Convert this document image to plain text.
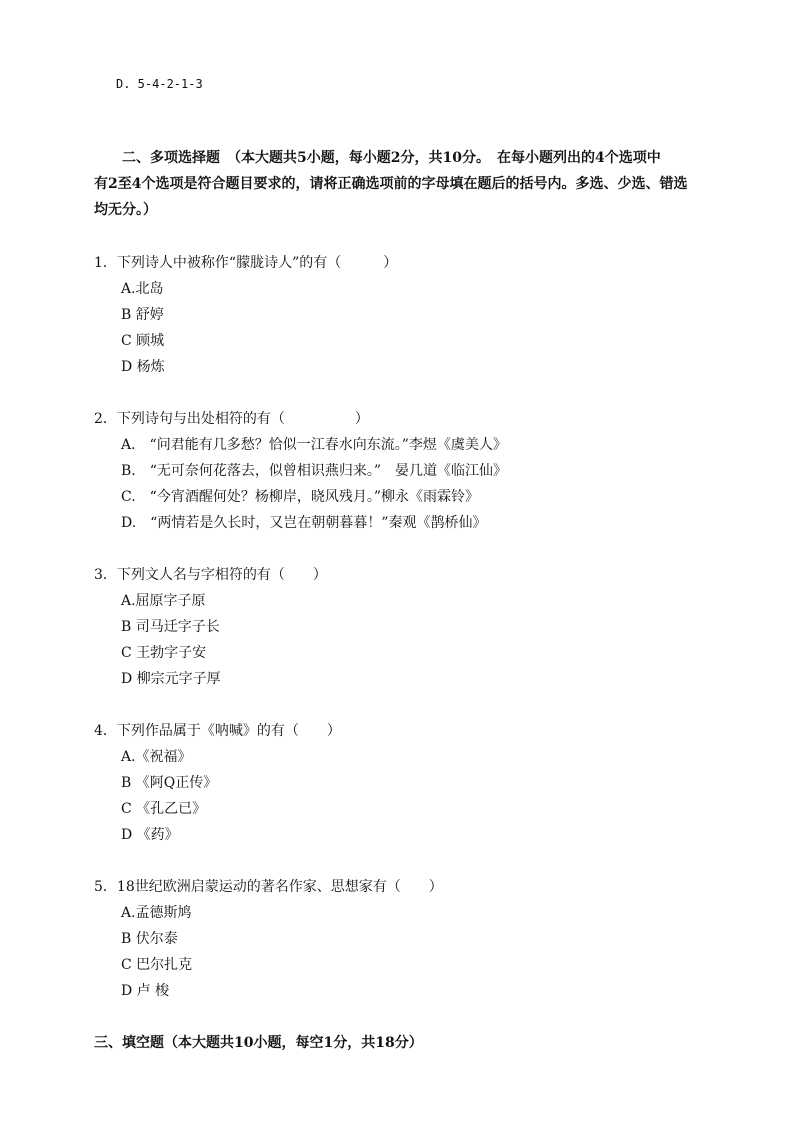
D. 5-4-2-1-3
　　二、多项选择题　（本大题共5小题，每小题2分，共10分。　在每小题列出的4个选项中
有2至4个选项是符合题目要求的，请将正确选项前的字母填在题后的括号内。多选、少选、错选
均无分。）
1．下列诗人中被称作“朦胧诗人”的有（　　　）
A.北岛
B 舒婷
C 顾城
D 杨炼
2．下列诗句与出处相符的有（　　　　　）
A.　“问君能有几多愁？恰似一江春水向东流。”李煜《虞美人》
B.　“无可奈何花落去，似曾相识燕归来。”　晏几道《临江仙》
C.　“今宵酒醒何处？杨柳岸，晓风残月。”柳永《雨霖铃》
D.　“两情若是久长时，又岂在朝朝暮暮！”秦观《鹊桥仙》
3．下列文人名与字相符的有（　　）
A.屈原字子原
B 司马迁字子长
C 王勃字子安
D 柳宗元字子厚
4．下列作品属于《呐喊》的有（　　）
A.《祝福》
B 《阿Q正传》
C 《孔乙已》
D 《药》
5．18世纪欧洲启蒙运动的著名作家、思想家有（　　）
A.孟德斯鸠
B 伏尔泰
C 巴尔扎克
D 卢 梭
三、填空题（本大题共10小题，每空1分，共18分）
